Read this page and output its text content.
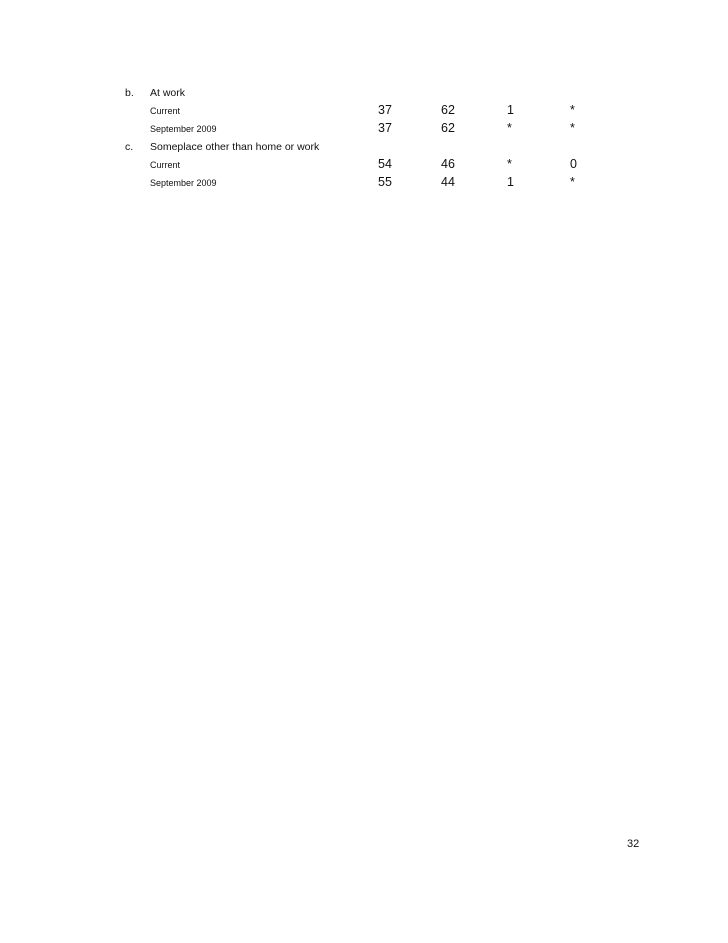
b. At work
Current	37	62	1	*
September 2009	37	62	*	*
c. Someplace other than home or work
Current	54	46	*	0
September 2009	55	44	1	*
32
